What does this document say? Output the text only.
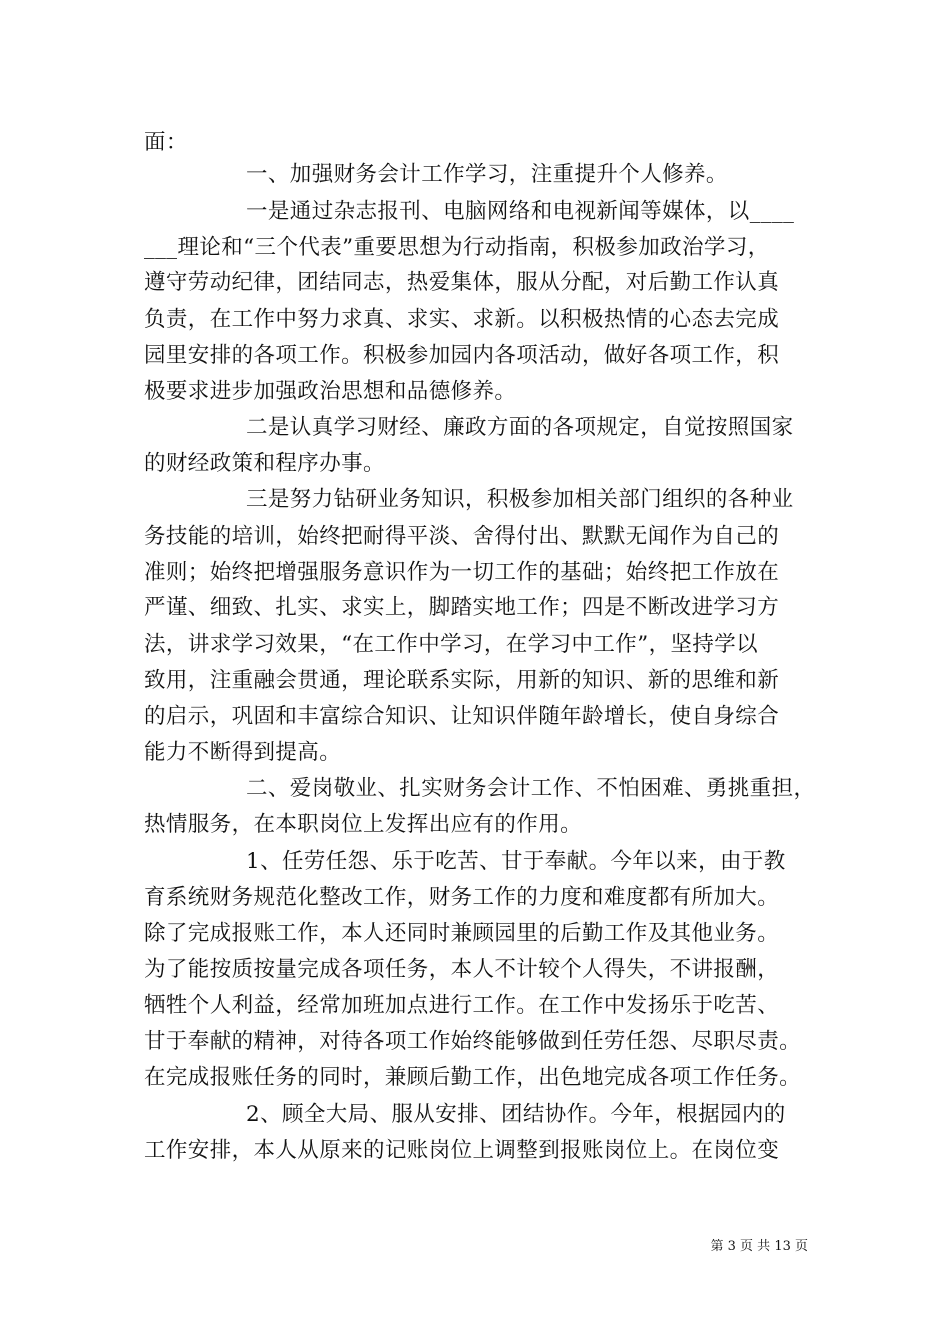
面：
一、加强财务会计工作学习，注重提升个人修养。
一是通过杂志报刊、电脑网络和电视新闻等媒体，以____
___理论和“三个代表”重要思想为行动指南，积极参加政治学习，
遵守劳动纪律，团结同志，热爱集体，服从分配，对后勤工作认真
负责，在工作中努力求真、求实、求新。以积极热情的心态去完成
园里安排的各项工作。积极参加园内各项活动，做好各项工作，积
极要求进步加强政治思想和品德修养。
二是认真学习财经、廉政方面的各项规定，自觉按照国家
的财经政策和程序办事。
三是努力钻研业务知识，积极参加相关部门组织的各种业
务技能的培训，始终把耐得平淡、舍得付出、默默无闻作为自己的
准则；始终把增强服务意识作为一切工作的基础；始终把工作放在
严谨、细致、扎实、求实上，脚踏实地工作；四是不断改进学习方
法，讲求学习效果，“在工作中学习，在学习中工作”，坚持学以
致用，注重融会贯通，理论联系实际，用新的知识、新的思维和新
的启示，巩固和丰富综合知识、让知识伴随年龄增长，使自身综合
能力不断得到提高。
二、爱岗敬业、扎实财务会计工作、不怕困难、勇挑重担，
热情服务，在本职岗位上发挥出应有的作用。
1、任劳任怨、乐于吃苦、甘于奉献。今年以来，由于教
育系统财务规范化整改工作，财务工作的力度和难度都有所加大。
除了完成报账工作，本人还同时兼顾园里的后勤工作及其他业务。
为了能按质按量完成各项任务，本人不计较个人得失，不讲报酬，
牺牲个人利益，经常加班加点进行工作。在工作中发扬乐于吃苦、
甘于奉献的精神，对待各项工作始终能够做到任劳任怨、尽职尽责。
在完成报账任务的同时，兼顾后勤工作，出色地完成各项工作任务。
2、顾全大局、服从安排、团结协作。今年，根据园内的
工作安排，本人从原来的记账岗位上调整到报账岗位上。在岗位变
第 3 页 共 13 页
